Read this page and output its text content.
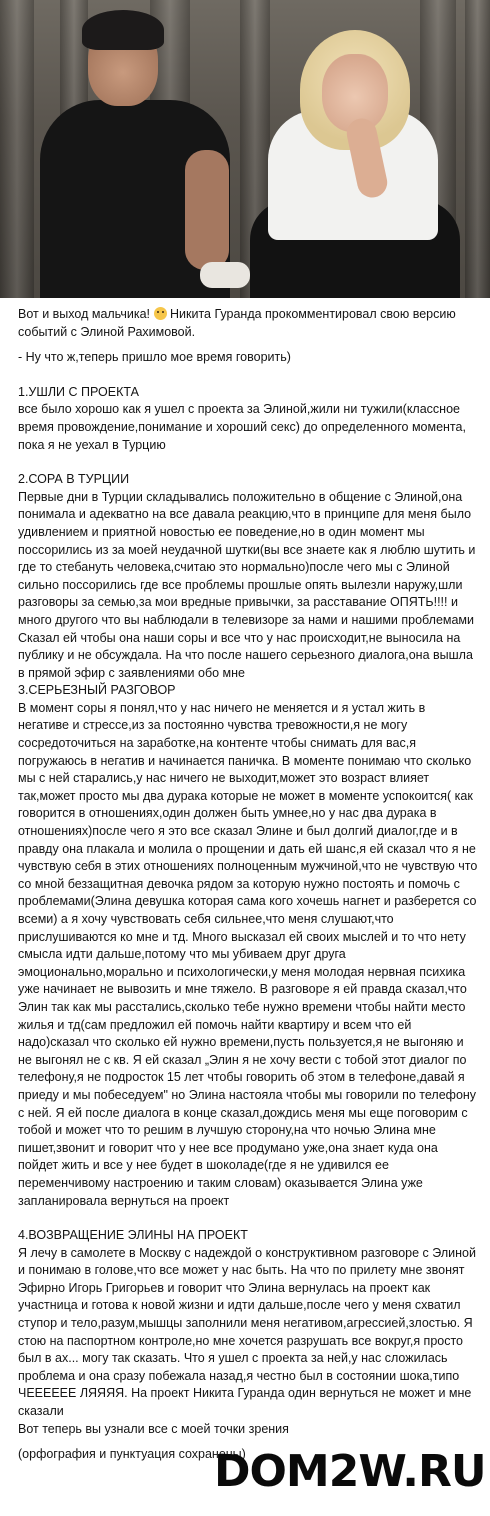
Вот и выход мальчика! Никита Гуранда прокомментировал свою версию событий с Элиной Рахимовой.

- Ну что ж,теперь пришло мое время говорить)

1.УШЛИ С ПРОЕКТА

все было хорошо как я ушел с проекта за Элиной,жили ни тужили(классное время провождение,понимание и хороший секс) до определенного момента, пока я не уехал в Турцию

2.СОРА В ТУРЦИИ

Первые дни в Турции складывались положительно в общение с Элиной,она понимала и адекватно на все давала реакцию,что в принципе для меня было удивлением и приятной новостью ее поведение,но в один момент мы поссорились из за моей неудачной шутки(вы все знаете как я люблю шутить и где то стебануть человека,считаю это нормально)после чего мы с Элиной сильно поссорились где все проблемы прошлые опять вылезли наружу,шли разговоры за семью,за мои вредные привычки, за расставание ОПЯТЬ!!!! и много другого что вы наблюдали в телевизоре за нами и нашими проблемами

Сказал ей чтобы она наши соры и все что у нас происходит,не выносила на публику и не обсуждала. На что после нашего серьезного диалога,она вышла в прямой эфир с заявлениями обо мне

3.СЕРЬЕЗНЫЙ РАЗГОВОР

В момент соры я понял,что у нас ничего не меняется и я устал жить в негативе и стрессе,из за постоянно чувства тревожности,я не могу сосредоточиться на заработке,на контенте чтобы снимать для вас,я погружаюсь в негатив и начинается паничка. В моменте понимаю что сколько мы с ней старались,у нас ничего не выходит,может это возраст влияет так,может просто мы два дурака которые не может в моменте успокоится( как говорится в отношениях,один должен быть умнее,но у нас два дурака в отношениях)после чего я это все сказал Элине и был долгий диалог,где и в правду она плакала и молила о прощении и дать ей шанс,я ей сказал что я не чувствую себя в этих отношениях полноценным мужчиной,что не чувствую что со мной беззащитная девочка рядом за которую нужно постоять и помочь с проблемами(Элина девушка которая сама кого хочешь нагнет и разберется со всеми) а я хочу чувствовать себя сильнее,что меня слушают,что прислушиваются ко мне и тд. Много высказал ей своих мыслей и то что нету смысла идти дальше,потому что мы убиваем друг друга эмоционально,морально и психологически,у меня молодая нервная психика уже начинает не вывозить и мне тяжело. В разговоре я ей правда сказал,что Элин так как мы расстались,сколько тебе нужно времени чтобы найти место жилья и тд(сам предложил ей помочь найти квартиру и всем что ей надо)сказал что сколько ей нужно времени,пусть пользуется,я не выгоняю и не выгонял не с кв. Я ей сказал „Элин я не хочу вести с тобой этот диалог по телефону,я не подросток 15 лет чтобы говорить об этом в телефоне,давай я приеду и мы побеседуем" но Элина настояла чтобы мы говорили по телефону с ней. Я ей после диалога в конце сказал,дождись меня мы еще поговорим с тобой и может что то решим в лучшую сторону,на что ночью Элина мне пишет,звонит и говорит что у нее все продумано уже,она знает куда она пойдет жить и все у нее будет в шоколаде(где я не удивился ее переменчивому настроению и таким словам) оказывается Элина уже запланировала вернуться на проект

4.ВОЗВРАЩЕНИЕ ЭЛИНЫ НА ПРОЕКТ

Я лечу в самолете в Москву с надеждой о конструктивном разговоре с Элиной и понимаю в голове,что все может у нас быть. На что по прилету мне звонят Эфирно Игорь Григорьев и говорит что Элина вернулась на проект как участница и готова к новой жизни и идти дальше,после чего у меня схватил ступор и тело,разум,мышцы заполнили меня негативом,агрессией,злостью. Я стою на паспортном контроле,но мне хочется разрушать все вокруг,я просто был в ах... могу так сказать. Что я ушел с проекта за ней,у нас сложилась проблема и она сразу побежала назад,я честно был в состоянии шока,типо ЧЕЕЕЕЕЕ ЛЯЯЯЯ. На проект Никита Гуранда один вернуться не может и мне сказали

Вот теперь вы узнали все с моей точки зрения

(орфография и пунктуация сохранены)

DOM2W.RU
